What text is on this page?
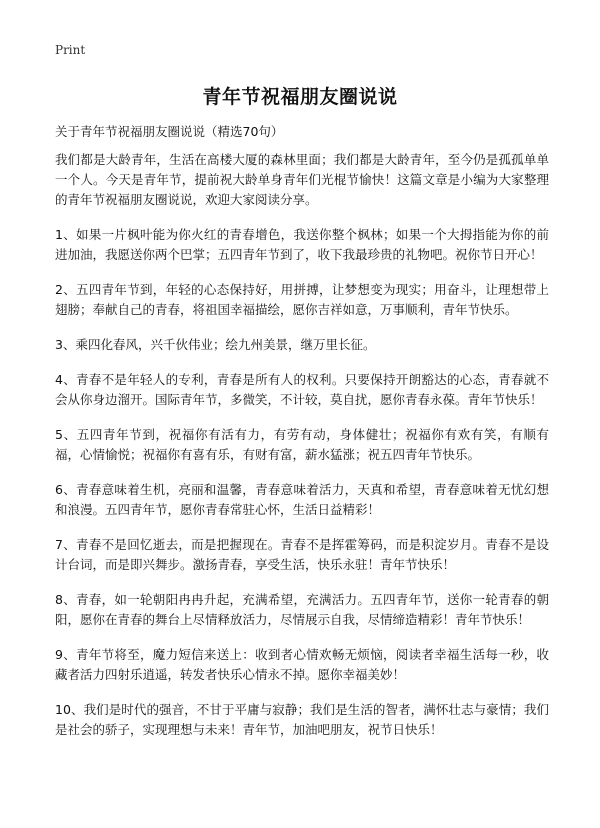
Print
青年节祝福朋友圈说说

关于青年节祝福朋友圈说说（精选70句）

我们都是大龄青年，生活在高楼大厦的森林里面；我们都是大龄青年，至今仍是孤孤单单一个人。今天是青年节，提前祝大龄单身青年们光棍节愉快！这篇文章是小编为大家整理的青年节祝福朋友圈说说，欢迎大家阅读分享。

1、如果一片枫叶能为你火红的青春增色，我送你整个枫林；如果一个大拇指能为你的前进加油，我愿送你两个巴掌；五四青年节到了，收下我最珍贵的礼物吧。祝你节日开心！

2、五四青年节到，年轻的心态保持好，用拼搏，让梦想变为现实；用奋斗，让理想带上翅膀；奉献自己的青春，将祖国幸福描绘，愿你吉祥如意，万事顺利，青年节快乐。

3、乘四化春风，兴千伙伟业；绘九州美景，继万里长征。

4、青春不是年轻人的专利，青春是所有人的权利。只要保持开朗豁达的心态，青春就不会从你身边溜开。国际青年节，多微笑，不计较，莫自扰，愿你青春永葆。青年节快乐！

5、五四青年节到，祝福你有活有力，有劳有动，身体健壮；祝福你有欢有笑，有顺有福，心情愉悦；祝福你有喜有乐，有财有富，薪水猛涨；祝五四青年节快乐。

6、青春意味着生机，亮丽和温馨，青春意味着活力，天真和希望，青春意味着无忧幻想和浪漫。五四青年节，愿你青春常驻心怀，生活日益精彩！

7、青春不是回忆逝去，而是把握现在。青春不是挥霍筹码，而是积淀岁月。青春不是设计台词，而是即兴舞步。激扬青春，享受生活，快乐永驻！青年节快乐！

8、青春，如一轮朝阳冉冉升起，充满希望，充满活力。五四青年节，送你一轮青春的朝阳，愿你在青春的舞台上尽情释放活力，尽情展示自我，尽情缔造精彩！青年节快乐！

9、青年节将至，魔力短信来送上：收到者心情欢畅无烦恼，阅读者幸福生活每一秒，收藏者活力四射乐逍遥，转发者快乐心情永不掉。愿你幸福美妙！

10、我们是时代的强音，不甘于平庸与寂静；我们是生活的智者，满怀壮志与豪情；我们是社会的骄子，实现理想与未来！青年节，加油吧朋友，祝节日快乐！
